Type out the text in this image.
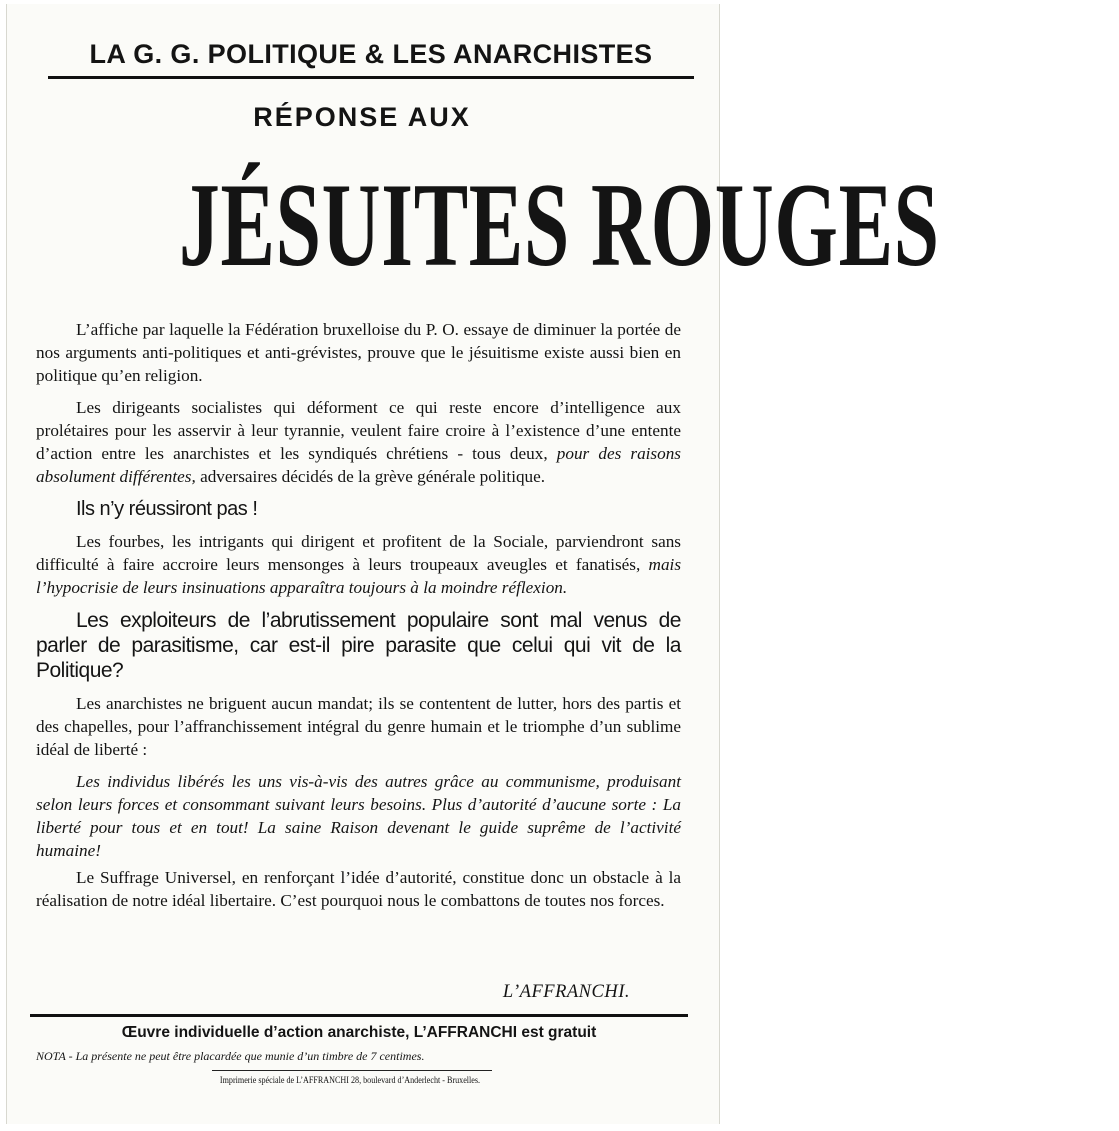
LA G. G. POLITIQUE & LES ANARCHISTES
RÉPONSE AUX
JÉSUITES ROUGES

L’affiche par laquelle la Fédération bruxelloise du P. O. essaye de diminuer la portée de nos arguments anti-politiques et anti-grévistes, prouve que le jésuitisme existe aussi bien en politique qu’en religion.

Les dirigeants socialistes qui déforment ce qui reste encore d’intelligence aux prolétaires pour les asservir à leur tyrannie, veulent faire croire à l’existence d’une entente d’action entre les anarchistes et les syndiqués chrétiens - tous deux, pour des raisons absolument différentes, adversaires décidés de la grève générale politique.

Ils n’y réussiront pas !

Les fourbes, les intrigants qui dirigent et profitent de la Sociale, parviendront sans difficulté à faire accroire leurs mensonges à leurs troupeaux aveugles et fanatisés, mais l’hypocrisie de leurs insinuations apparaîtra toujours à la moindre réflexion.

Les exploiteurs de l’abrutissement populaire sont mal venus de parler de parasitisme, car est-il pire parasite que celui qui vit de la Politique?

Les anarchistes ne briguent aucun mandat; ils se contentent de lutter, hors des partis et des chapelles, pour l’affranchissement intégral du genre humain et le triomphe d’un sublime idéal de liberté :

Les individus libérés les uns vis-à-vis des autres grâce au communisme, produisant selon leurs forces et consommant suivant leurs besoins. Plus d’autorité d’aucune sorte : La liberté pour tous et en tout! La saine Raison devenant le guide suprême de l’activité humaine!

Le Suffrage Universel, en renforçant l’idée d’autorité, constitue donc un obstacle à la réalisation de notre idéal libertaire. C’est pourquoi nous le combattons de toutes nos forces.

L’AFFRANCHI.
Œuvre individuelle d’action anarchiste, L’AFFRANCHI est gratuit
NOTA - La présente ne peut être placardée que munie d’un timbre de 7 centimes.
Imprimerie spéciale de L’AFFRANCHI 28, boulevard d’Anderlecht - Bruxelles.
